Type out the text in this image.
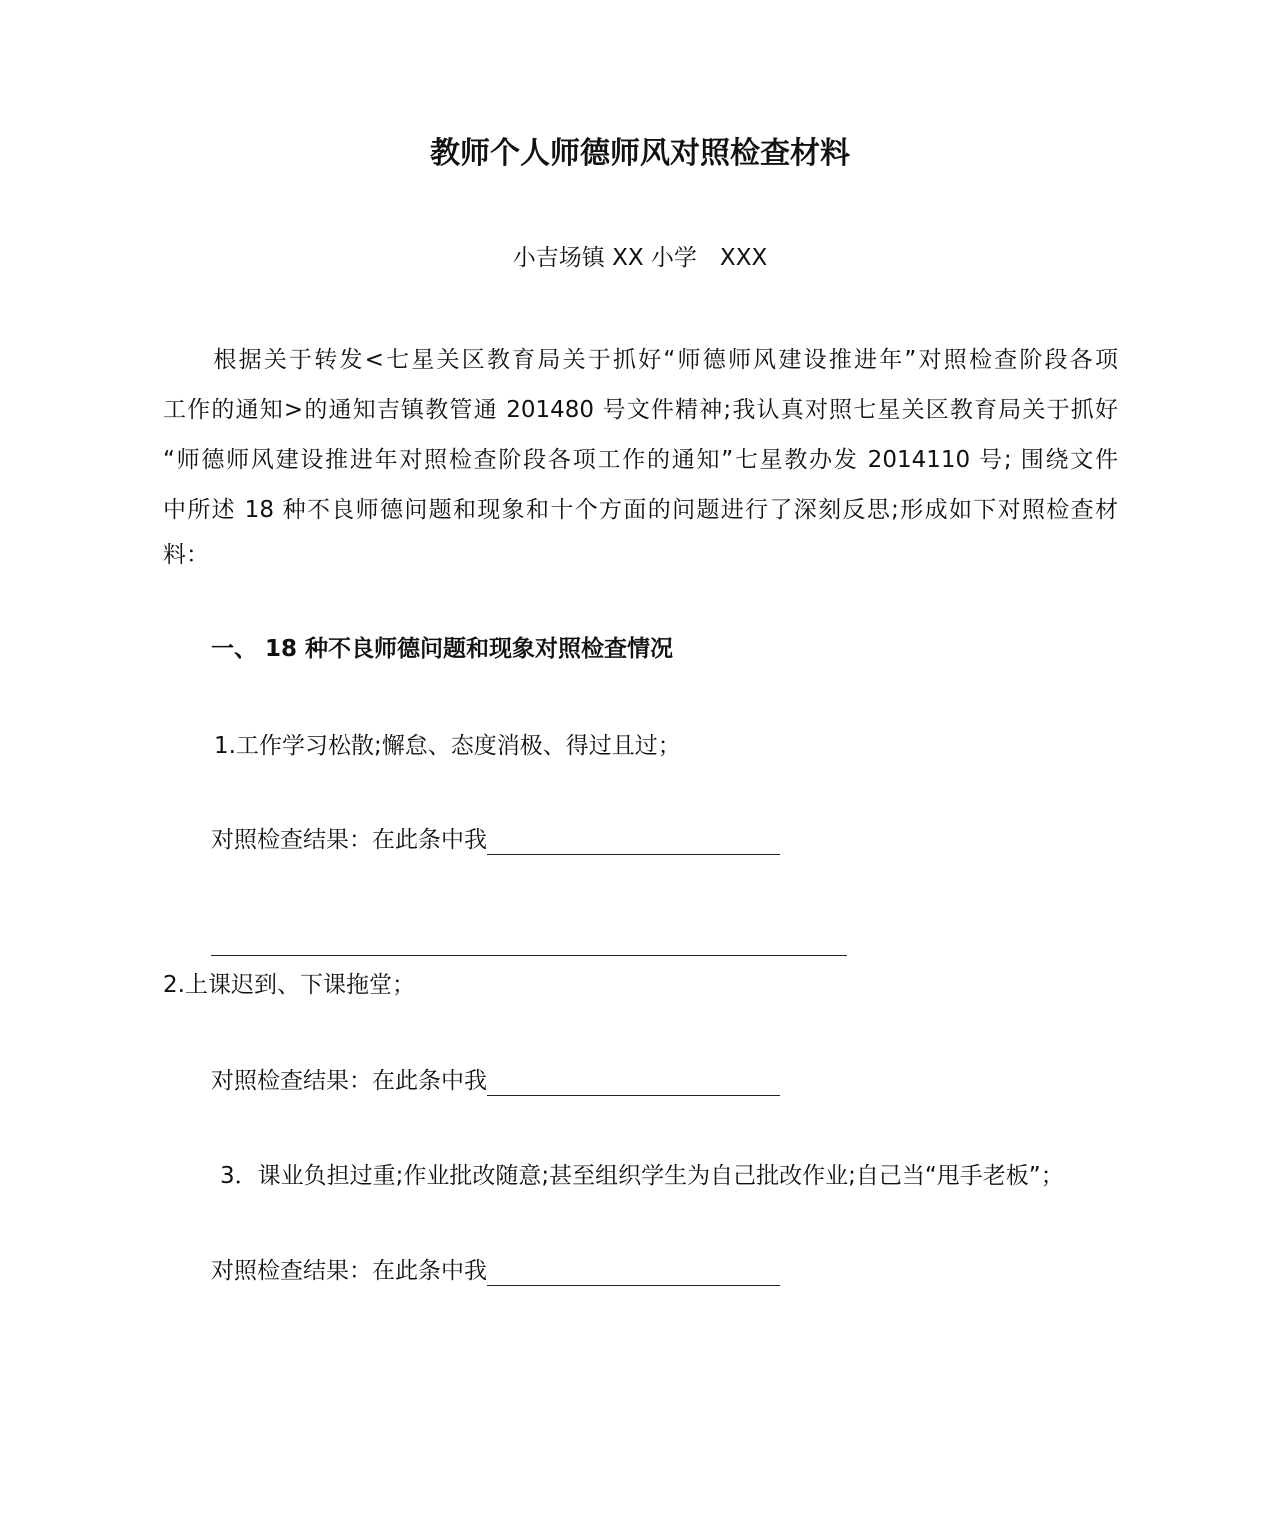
教师个人师德师风对照检查材料
小吉场镇 XX 小学　XXX
　　根据关于转发<七星关区教育局关于抓好“师德师风建设推进年”对照检查阶段各项
工作的通知>的通知吉镇教管通 201480 号文件精神;我认真对照七星关区教育局关于抓好
“师德师风建设推进年对照检查阶段各项工作的通知”七星教办发 2014110 号; 围绕文件
中所述 18 种不良师德问题和现象和十个方面的问题进行了深刻反思;形成如下对照检查材
料：
一、 18 种不良师德问题和现象对照检查情况
1.工作学习松散;懈怠、态度消极、得过且过；
对照检查结果：在此条中我
2.上课迟到、下课拖堂；
对照检查结果：在此条中我
3．课业负担过重;作业批改随意;甚至组织学生为自己批改作业;自己当“甩手老板”；
对照检查结果：在此条中我
